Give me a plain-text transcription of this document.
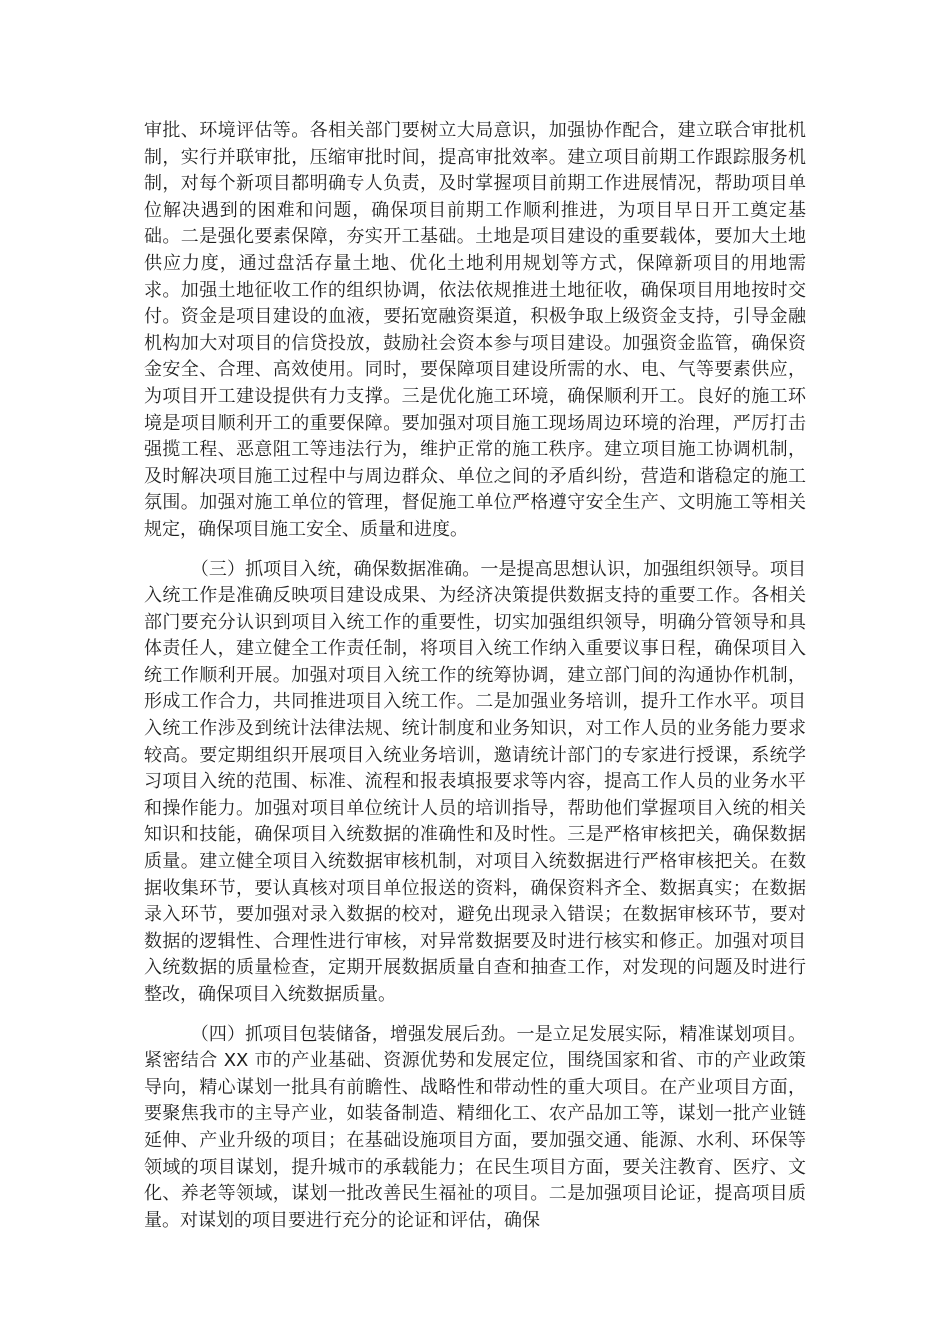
审批、环境评估等。各相关部门要树立大局意识，加强协作配合，建立联合审批机制，实行并联审批，压缩审批时间，提高审批效率。建立项目前期工作跟踪服务机制，对每个新项目都明确专人负责，及时掌握项目前期工作进展情况，帮助项目单位解决遇到的困难和问题，确保项目前期工作顺利推进，为项目早日开工奠定基础。二是强化要素保障，夯实开工基础。土地是项目建设的重要载体，要加大土地供应力度，通过盘活存量土地、优化土地利用规划等方式，保障新项目的用地需求。加强土地征收工作的组织协调，依法依规推进土地征收，确保项目用地按时交付。资金是项目建设的血液，要拓宽融资渠道，积极争取上级资金支持，引导金融机构加大对项目的信贷投放，鼓励社会资本参与项目建设。加强资金监管，确保资金安全、合理、高效使用。同时，要保障项目建设所需的水、电、气等要素供应，为项目开工建设提供有力支撑。三是优化施工环境，确保顺利开工。良好的施工环境是项目顺利开工的重要保障。要加强对项目施工现场周边环境的治理，严厉打击强揽工程、恶意阻工等违法行为，维护正常的施工秩序。建立项目施工协调机制，及时解决项目施工过程中与周边群众、单位之间的矛盾纠纷，营造和谐稳定的施工氛围。加强对施工单位的管理，督促施工单位严格遵守安全生产、文明施工等相关规定，确保项目施工安全、质量和进度。

（三）抓项目入统，确保数据准确。一是提高思想认识，加强组织领导。项目入统工作是准确反映项目建设成果、为经济决策提供数据支持的重要工作。各相关部门要充分认识到项目入统工作的重要性，切实加强组织领导，明确分管领导和具体责任人，建立健全工作责任制，将项目入统工作纳入重要议事日程，确保项目入统工作顺利开展。加强对项目入统工作的统筹协调，建立部门间的沟通协作机制，形成工作合力，共同推进项目入统工作。二是加强业务培训，提升工作水平。项目入统工作涉及到统计法律法规、统计制度和业务知识，对工作人员的业务能力要求较高。要定期组织开展项目入统业务培训，邀请统计部门的专家进行授课，系统学习项目入统的范围、标准、流程和报表填报要求等内容，提高工作人员的业务水平和操作能力。加强对项目单位统计人员的培训指导，帮助他们掌握项目入统的相关知识和技能，确保项目入统数据的准确性和及时性。三是严格审核把关，确保数据质量。建立健全项目入统数据审核机制，对项目入统数据进行严格审核把关。在数据收集环节，要认真核对项目单位报送的资料，确保资料齐全、数据真实；在数据录入环节，要加强对录入数据的校对，避免出现录入错误；在数据审核环节，要对数据的逻辑性、合理性进行审核，对异常数据要及时进行核实和修正。加强对项目入统数据的质量检查，定期开展数据质量自查和抽查工作，对发现的问题及时进行整改，确保项目入统数据质量。

（四）抓项目包装储备，增强发展后劲。一是立足发展实际，精准谋划项目。紧密结合 XX 市的产业基础、资源优势和发展定位，围绕国家和省、市的产业政策导向，精心谋划一批具有前瞻性、战略性和带动性的重大项目。在产业项目方面，要聚焦我市的主导产业，如装备制造、精细化工、农产品加工等，谋划一批产业链延伸、产业升级的项目；在基础设施项目方面，要加强交通、能源、水利、环保等领域的项目谋划，提升城市的承载能力；在民生项目方面，要关注教育、医疗、文化、养老等领域，谋划一批改善民生福祉的项目。二是加强项目论证，提高项目质量。对谋划的项目要进行充分的论证和评估，确保
